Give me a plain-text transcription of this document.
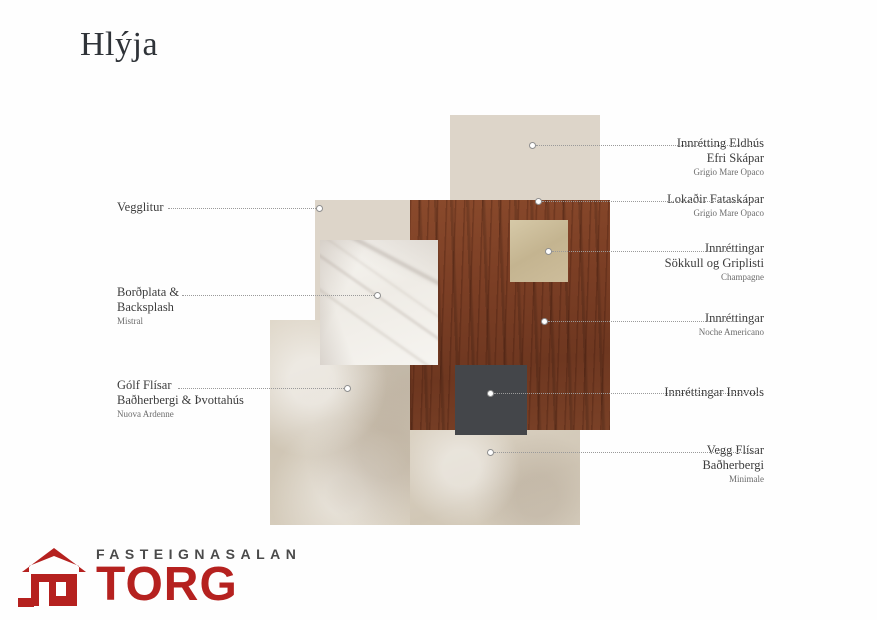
Hlýja
Vegglitur
Borðplata &
Backsplash
Mistral
Gólf Flísar
Baðherbergi & Þvottahús
Nuova Ardenne
Innrétting Eldhús
Efri Skápar
Grigio Mare Opaco
Lokaðir Fataskápar
Grigio Mare Opaco
Innréttingar
Sökkull og Griplisti
Champagne
Innréttingar
Noche Americano
Innréttingar Innvols
Vegg Flísar
Baðherbergi
Minimale
FASTEIGNASALAN
TORG
